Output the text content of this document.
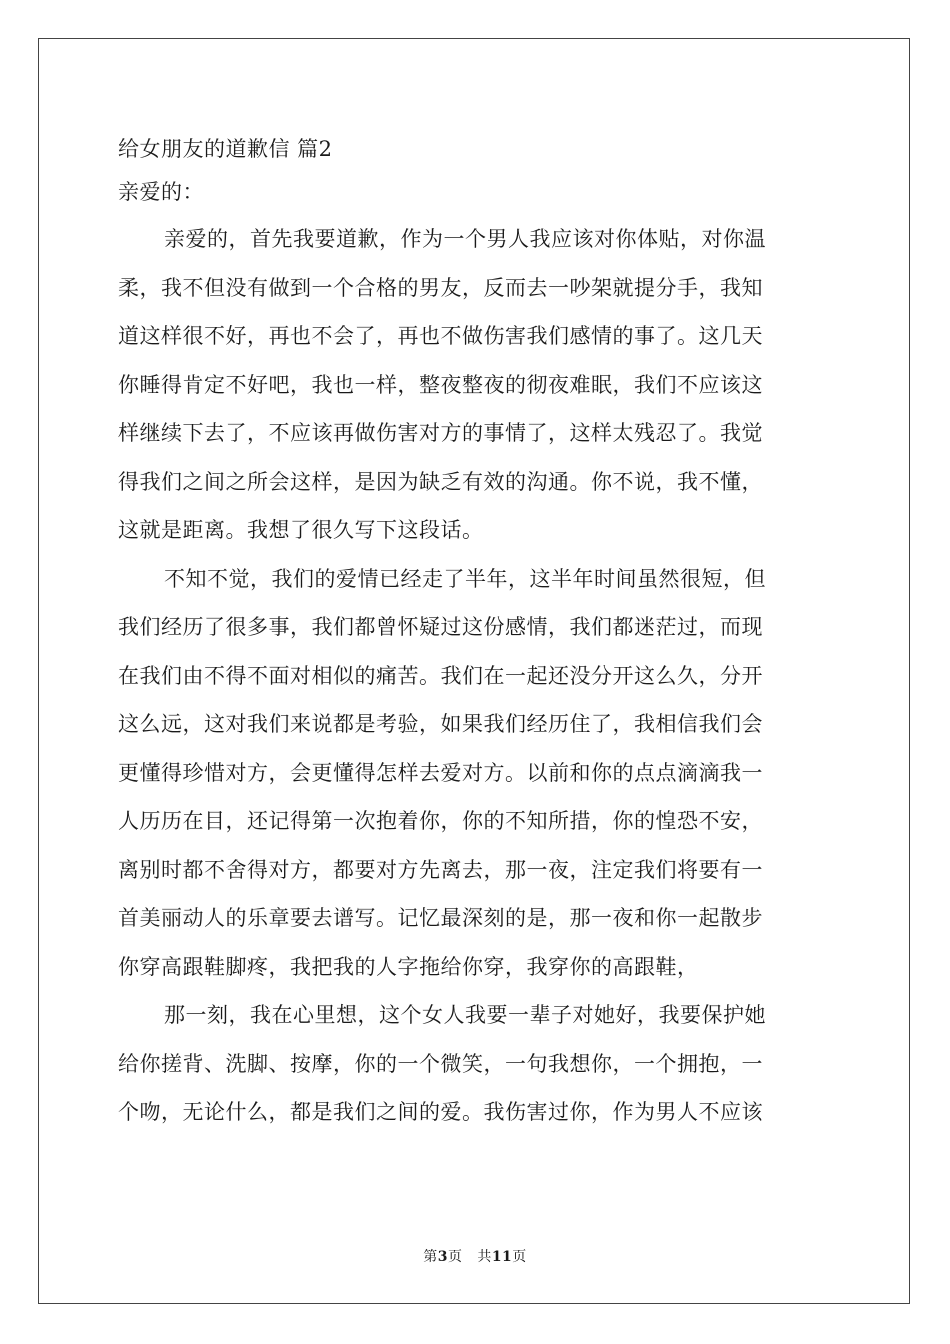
给女朋友的道歉信 篇2
亲爱的：
亲爱的，首先我要道歉，作为一个男人我应该对你体贴，对你温
柔，我不但没有做到一个合格的男友，反而去一吵架就提分手，我知
道这样很不好，再也不会了，再也不做伤害我们感情的事了。这几天
你睡得肯定不好吧，我也一样，整夜整夜的彻夜难眠，我们不应该这
样继续下去了，不应该再做伤害对方的事情了，这样太残忍了。我觉
得我们之间之所会这样，是因为缺乏有效的沟通。你不说，我不懂，
这就是距离。我想了很久写下这段话。
不知不觉，我们的爱情已经走了半年，这半年时间虽然很短，但
我们经历了很多事，我们都曾怀疑过这份感情，我们都迷茫过，而现
在我们由不得不面对相似的痛苦。我们在一起还没分开这么久，分开
这么远，这对我们来说都是考验，如果我们经历住了，我相信我们会
更懂得珍惜对方，会更懂得怎样去爱对方。以前和你的点点滴滴我一
人历历在目，还记得第一次抱着你，你的不知所措，你的惶恐不安，
离别时都不舍得对方，都要对方先离去，那一夜，注定我们将要有一
首美丽动人的乐章要去谱写。记忆最深刻的是，那一夜和你一起散步
你穿高跟鞋脚疼，我把我的人字拖给你穿，我穿你的高跟鞋，
那一刻，我在心里想，这个女人我要一辈子对她好，我要保护她
给你搓背、洗脚、按摩，你的一个微笑，一句我想你，一个拥抱，一
个吻，无论什么，都是我们之间的爱。我伤害过你，作为男人不应该
第3页 共11页
